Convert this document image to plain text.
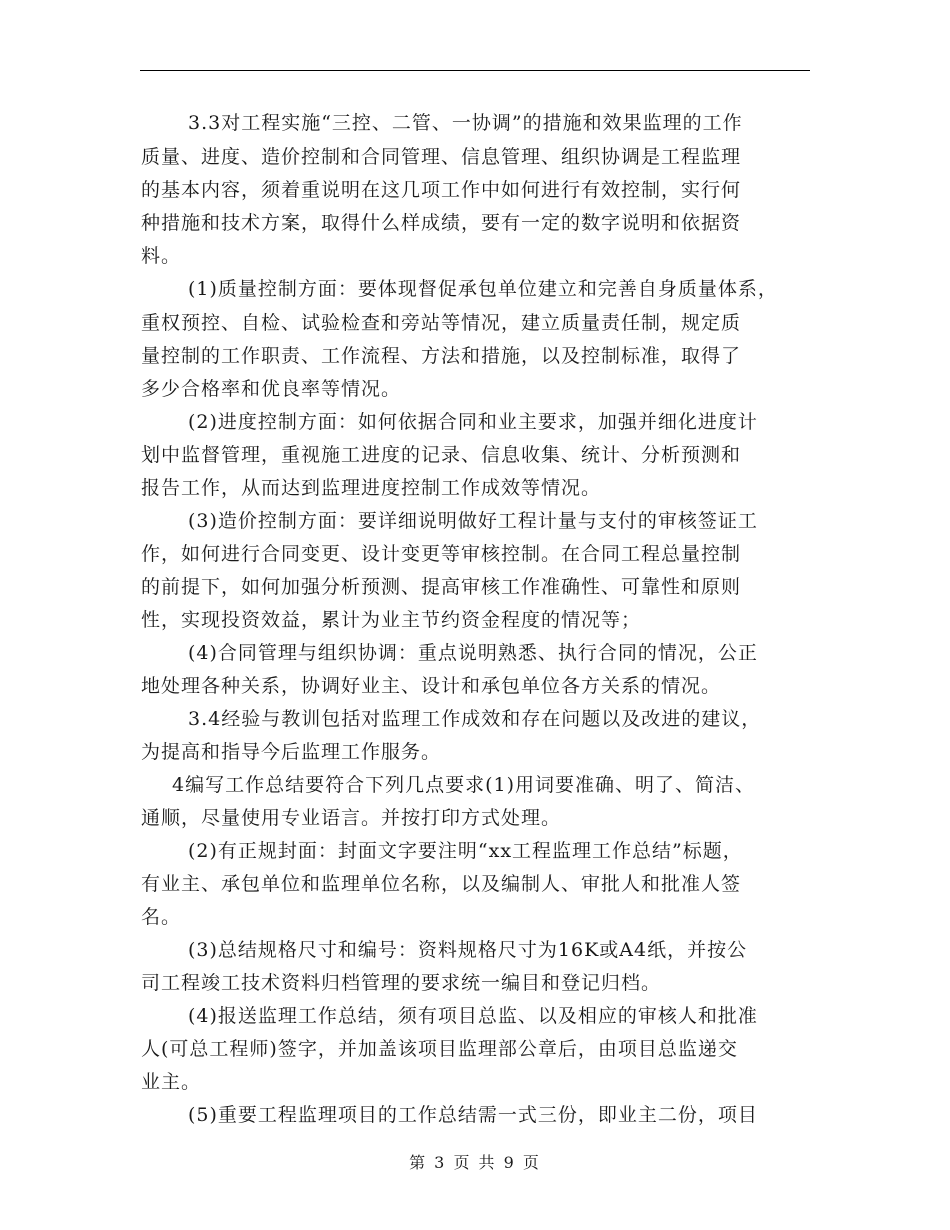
3.3对工程实施“三控、二管、一协调”的措施和效果监理的工作
质量、进度、造价控制和合同管理、信息管理、组织协调是工程监理
的基本内容，须着重说明在这几项工作中如何进行有效控制，实行何
种措施和技术方案，取得什么样成绩，要有一定的数字说明和依据资
料。
(1)质量控制方面：要体现督促承包单位建立和完善自身质量体系，
重权预控、自检、试验检查和旁站等情况，建立质量责任制，规定质
量控制的工作职责、工作流程、方法和措施，以及控制标准，取得了
多少合格率和优良率等情况。
(2)进度控制方面：如何依据合同和业主要求，加强并细化进度计
划中监督管理，重视施工进度的记录、信息收集、统计、分析预测和
报告工作，从而达到监理进度控制工作成效等情况。
(3)造价控制方面：要详细说明做好工程计量与支付的审核签证工
作，如何进行合同变更、设计变更等审核控制。在合同工程总量控制
的前提下，如何加强分析预测、提高审核工作准确性、可靠性和原则
性，实现投资效益，累计为业主节约资金程度的情况等；
(4)合同管理与组织协调：重点说明熟悉、执行合同的情况，公正
地处理各种关系，协调好业主、设计和承包单位各方关系的情况。
3.4经验与教训包括对监理工作成效和存在问题以及改进的建议，
为提高和指导今后监理工作服务。
4编写工作总结要符合下列几点要求(1)用词要准确、明了、简洁、
通顺，尽量使用专业语言。并按打印方式处理。
(2)有正规封面：封面文字要注明“xx工程监理工作总结”标题，
有业主、承包单位和监理单位名称，以及编制人、审批人和批准人签
名。
(3)总结规格尺寸和编号：资料规格尺寸为16K或A4纸，并按公
司工程竣工技术资料归档管理的要求统一编目和登记归档。
(4)报送监理工作总结，须有项目总监、以及相应的审核人和批准
人(可总工程师)签字，并加盖该项目监理部公章后，由项目总监递交
业主。
(5)重要工程监理项目的工作总结需一式三份，即业主二份，项目
第 3 页 共 9 页
